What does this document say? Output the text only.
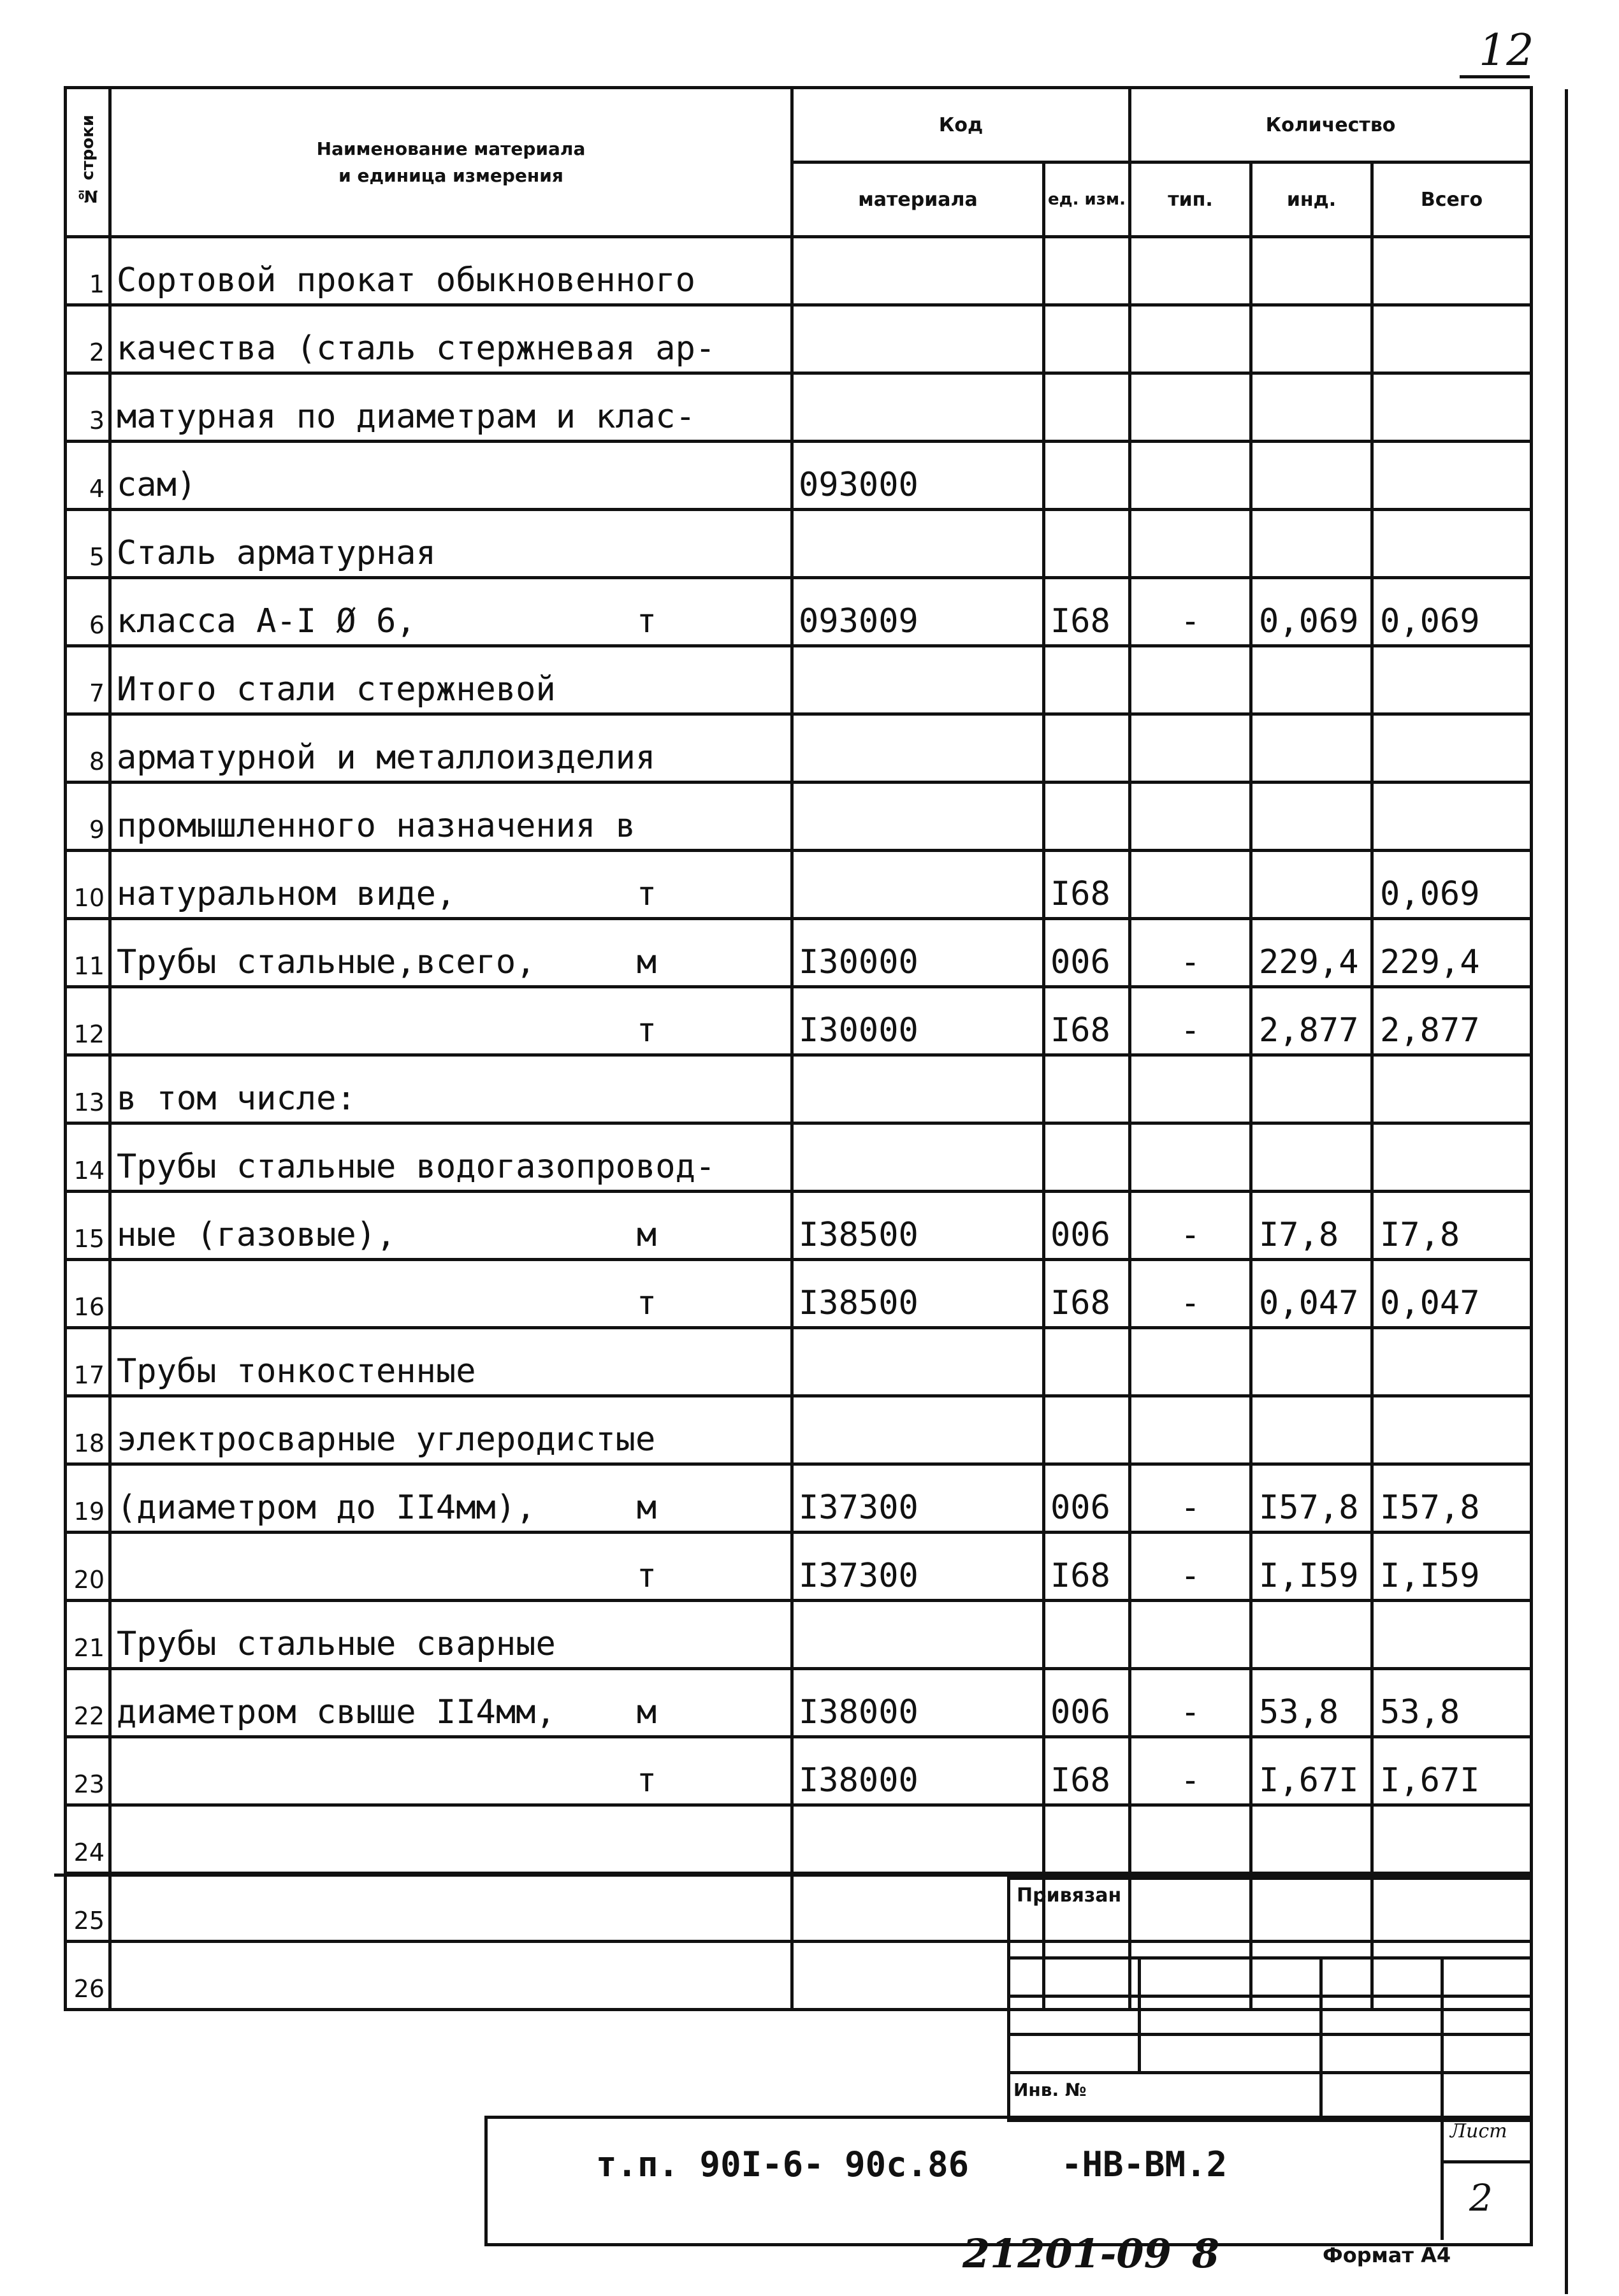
12
№ строки	Наименование материала
и единица измерения	Код		Количество		
		материала	ед. изм.	тип.	инд.	Всего
1	Сортовой прокат обыкновенного					
2	качества (сталь стержневая ар-					
3	матурная по диаметрам и клас-					
4	сам)	093000				
5	Сталь арматурная					
6	класса А-I Ø 6, т	093009	I68	-	0,069	0,069
7	Итого стали стержневой					
8	арматурной и металлоизделия					
9	промышленного назначения в					
10	натуральном виде, т		I68			0,069
11	Трубы стальные,всего, м	I30000	006	-	229,4	229,4
12	т	I30000	I68	-	2,877	2,877
13	в том числе:					
14	Трубы стальные водогазопровод-					
15	ные (газовые), м	I38500	006	-	I7,8	I7,8
16	т	I38500	I68	-	0,047	0,047
17	Трубы тонкостенные					
18	электросварные углеродистые					
19	(диаметром до II4мм), м	I37300	006	-	I57,8	I57,8
20	т	I37300	I68	-	I,I59	I,I59
21	Трубы стальные сварные					
22	диаметром свыше II4мм, м	I38000	006	-	53,8	53,8
23	т	I38000	I68	-	I,67I	I,67I
24						
25						
26						
Привязан
Инв. №
т.п. 90I-6- 90с.86	-НВ-ВМ.2
Лист
2
21201-09 8	Формат А4
